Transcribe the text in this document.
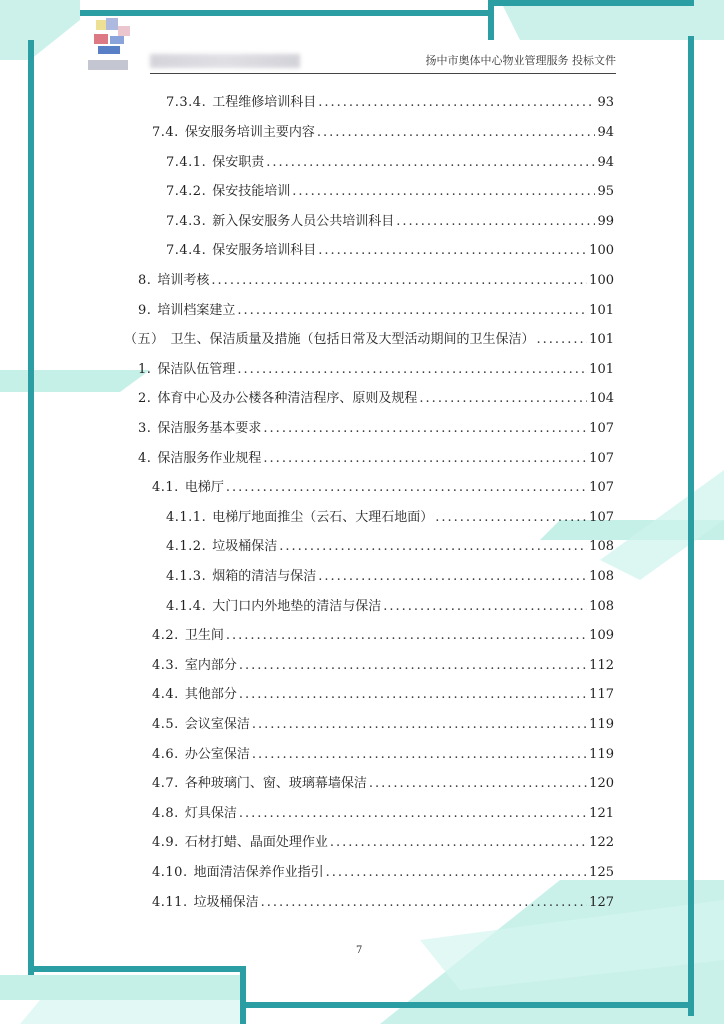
扬中市奥体中心物业管理服务 投标文件
7.3.4. 工程维修培训科目 .....	93
7.4. 保安服务培训主要内容 .....	94
7.4.1. 保安职责 .....	94
7.4.2. 保安技能培训 .....	95
7.4.3. 新入保安服务人员公共培训科目 .....	99
7.4.4. 保安服务培训科目 .....	100
8. 培训考核 .....	100
9. 培训档案建立 .....	101
（五） 卫生、保洁质量及措施（包括日常及大型活动期间的卫生保洁） .....	101
1. 保洁队伍管理 .....	101
2. 体育中心及办公楼各种清洁程序、原则及规程 .....	104
3. 保洁服务基本要求 .....	107
4. 保洁服务作业规程 .....	107
4.1. 电梯厅 .....	107
4.1.1. 电梯厅地面推尘（云石、大理石地面） .....	107
4.1.2. 垃圾桶保洁 .....	108
4.1.3. 烟箱的清洁与保洁 .....	108
4.1.4. 大门口内外地垫的清洁与保洁 .....	108
4.2. 卫生间 .....	109
4.3. 室内部分 .....	112
4.4. 其他部分 .....	117
4.5. 会议室保洁 .....	119
4.6. 办公室保洁 .....	119
4.7. 各种玻璃门、窗、玻璃幕墙保洁 .....	120
4.8. 灯具保洁 .....	121
4.9. 石材打蜡、晶面处理作业 .....	122
4.10. 地面清洁保养作业指引 .....	125
4.11. 垃圾桶保洁 .....	127
7
